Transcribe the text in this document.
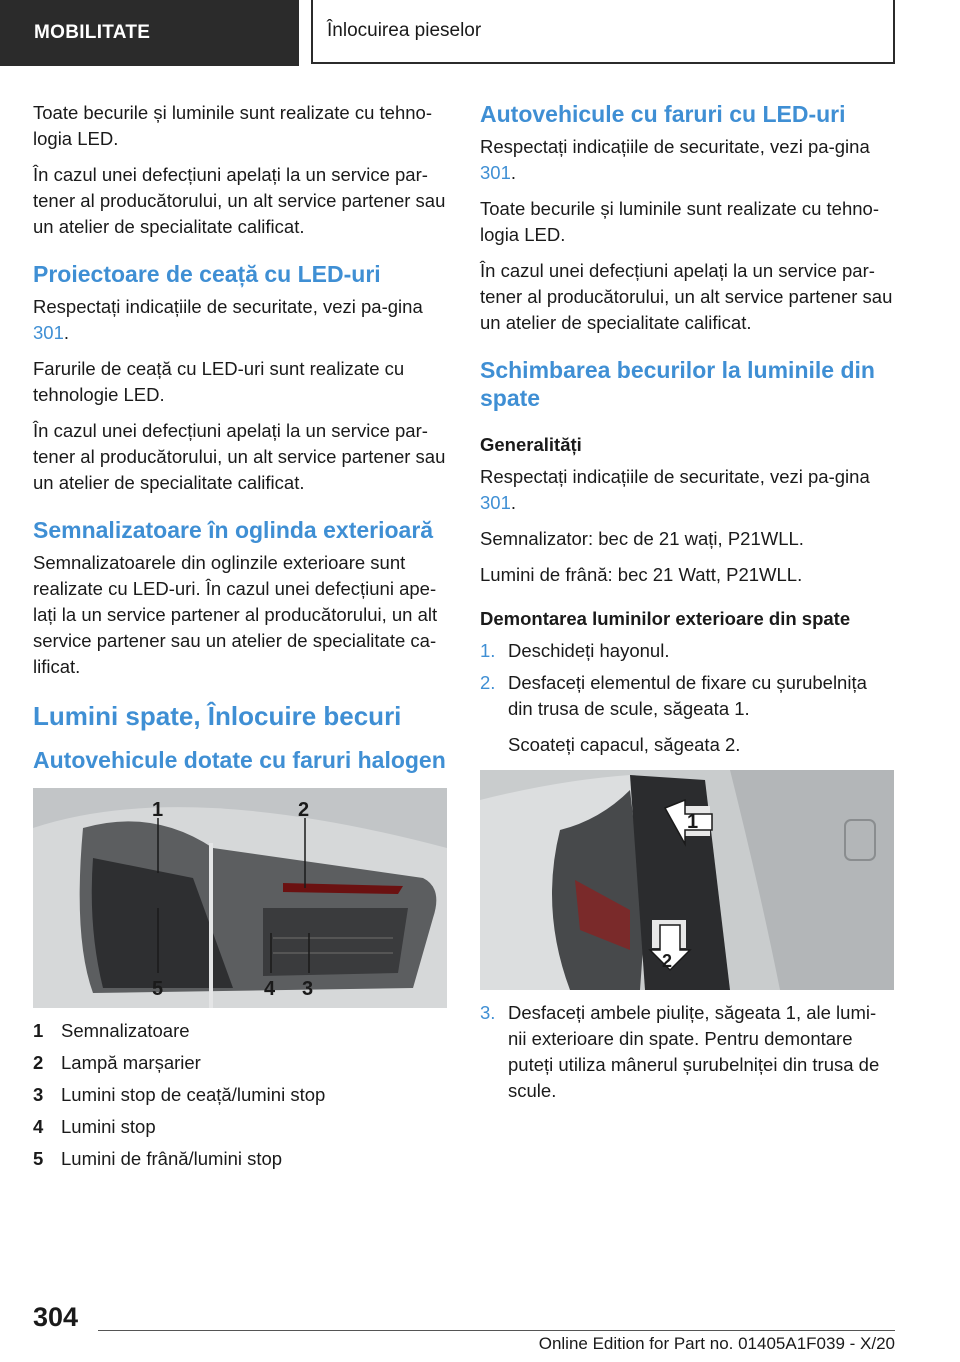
MOBILITATE	Înlocuirea pieselor

Toate becurile și luminile sunt realizate cu tehno-logia LED.

În cazul unei defecțiuni apelați la un service par-tener al producătorului, un alt service partener sau un atelier de specialitate calificat.

Proiectoare de ceață cu LED-uri

Respectați indicațiile de securitate, vezi pa-gina 301.

Farurile de ceață cu LED-uri sunt realizate cu tehnologie LED.

În cazul unei defecțiuni apelați la un service par-tener al producătorului, un alt service partener sau un atelier de specialitate calificat.

Semnalizatoare în oglinda exterioară

Semnalizatoarele din oglinzile exterioare sunt realizate cu LED-uri. În cazul unei defecțiuni ape-lați la un service partener al producătorului, un alt service partener sau un atelier de specialitate ca-lificat.

Lumini spate, Înlocuire becuri
Autovehicule dotate cu faruri halogen
1	2
5	4 3
1 Semnalizatoare
2 Lampă marșarier
3 Lumini stop de ceață/lumini stop
4 Lumini stop
5 Lumini de frână/lumini stop
Autovehicule cu faruri cu LED-uri

Respectați indicațiile de securitate, vezi pa-gina 301.

Toate becurile și luminile sunt realizate cu tehno-logia LED.

În cazul unei defecțiuni apelați la un service par-tener al producătorului, un alt service partener sau un atelier de specialitate calificat.

Schimbarea becurilor la luminile din spate
Generalități

Respectați indicațiile de securitate, vezi pa-gina 301.

Semnalizator: bec de 21 wați, P21WLL.

Lumini de frână: bec 21 Watt, P21WLL.

Demontarea luminilor exterioare din spate
1. Deschideți hayonul.
2. Desfaceți elementul de fixare cu șurubelnița din trusa de scule, săgeata 1.
Scoateți capacul, săgeata 2.
1
2
3. Desfaceți ambele piulițe, săgeata 1, ale lumi-nii exterioare din spate. Pentru demontare puteți utiliza mânerul șurubelniței din trusa de scule.
304
Online Edition for Part no. 01405A1F039 - X/20
